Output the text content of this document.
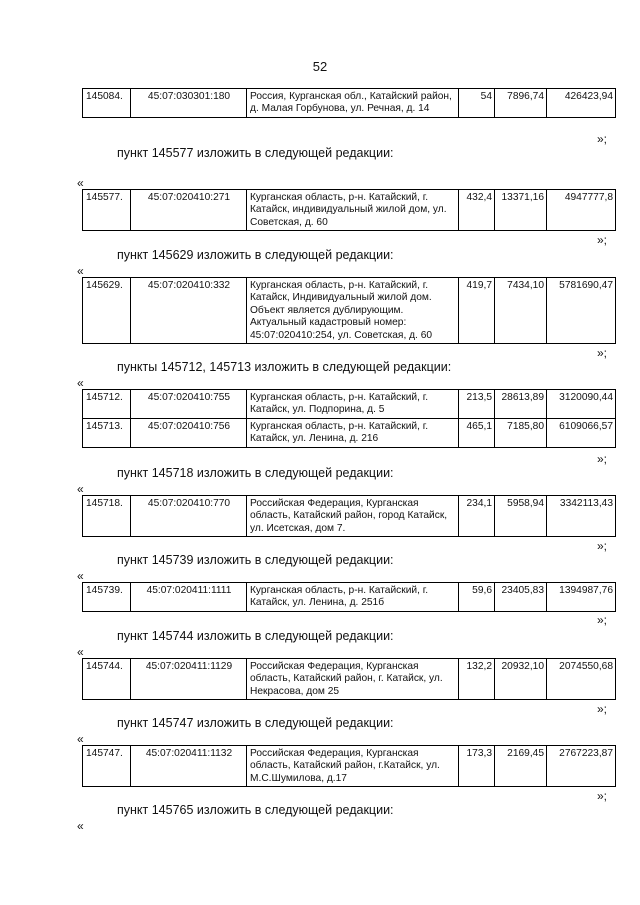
52
145084.	45:07:030301:180	Россия, Курганская обл., Катайский район, д. Малая Горбунова, ул. Речная, д. 14	54	7896,74	426423,94
»;
пункт 145577 изложить в следующей редакции:
«
145577.	45:07:020410:271	Курганская область, р-н. Катайский, г. Катайск, индивидуальный жилой дом, ул. Советская, д. 60	432,4	13371,16	4947777,8
»;
пункт 145629 изложить в следующей редакции:
«
145629.	45:07:020410:332	Курганская область, р-н. Катайский, г. Катайск, Индивидуальный жилой дом. Объект является дублирующим. Актуальный кадастровый номер: 45:07:020410:254, ул. Советская, д. 60	419,7	7434,10	5781690,47
»;
пункты 145712, 145713 изложить в следующей редакции:
«
145712.	45:07:020410:755	Курганская область, р-н. Катайский, г. Катайск, ул. Подпорина, д. 5	213,5	28613,89	3120090,44
145713.	45:07:020410:756	Курганская область, р-н. Катайский, г. Катайск, ул. Ленина, д. 216	465,1	7185,80	6109066,57
»;
пункт 145718 изложить в следующей редакции:
«
145718.	45:07:020410:770	Российская Федерация, Курганская область, Катайский район, город Катайск, ул. Исетская, дом 7.	234,1	5958,94	3342113,43
»;
пункт 145739 изложить в следующей редакции:
«
145739.	45:07:020411:1111	Курганская область, р-н. Катайский, г. Катайск, ул. Ленина, д. 251б	59,6	23405,83	1394987,76
»;
пункт 145744 изложить в следующей редакции:
«
145744.	45:07:020411:1129	Российская Федерация, Курганская область, Катайский район, г. Катайск, ул. Некрасова, дом 25	132,2	20932,10	2074550,68
»;
пункт 145747 изложить в следующей редакции:
«
145747.	45:07:020411:1132	Российская Федерация, Курганская область, Катайский район, г.Катайск, ул. М.С.Шумилова, д.17	173,3	2169,45	2767223,87
»;
пункт 145765 изложить в следующей редакции:
«
